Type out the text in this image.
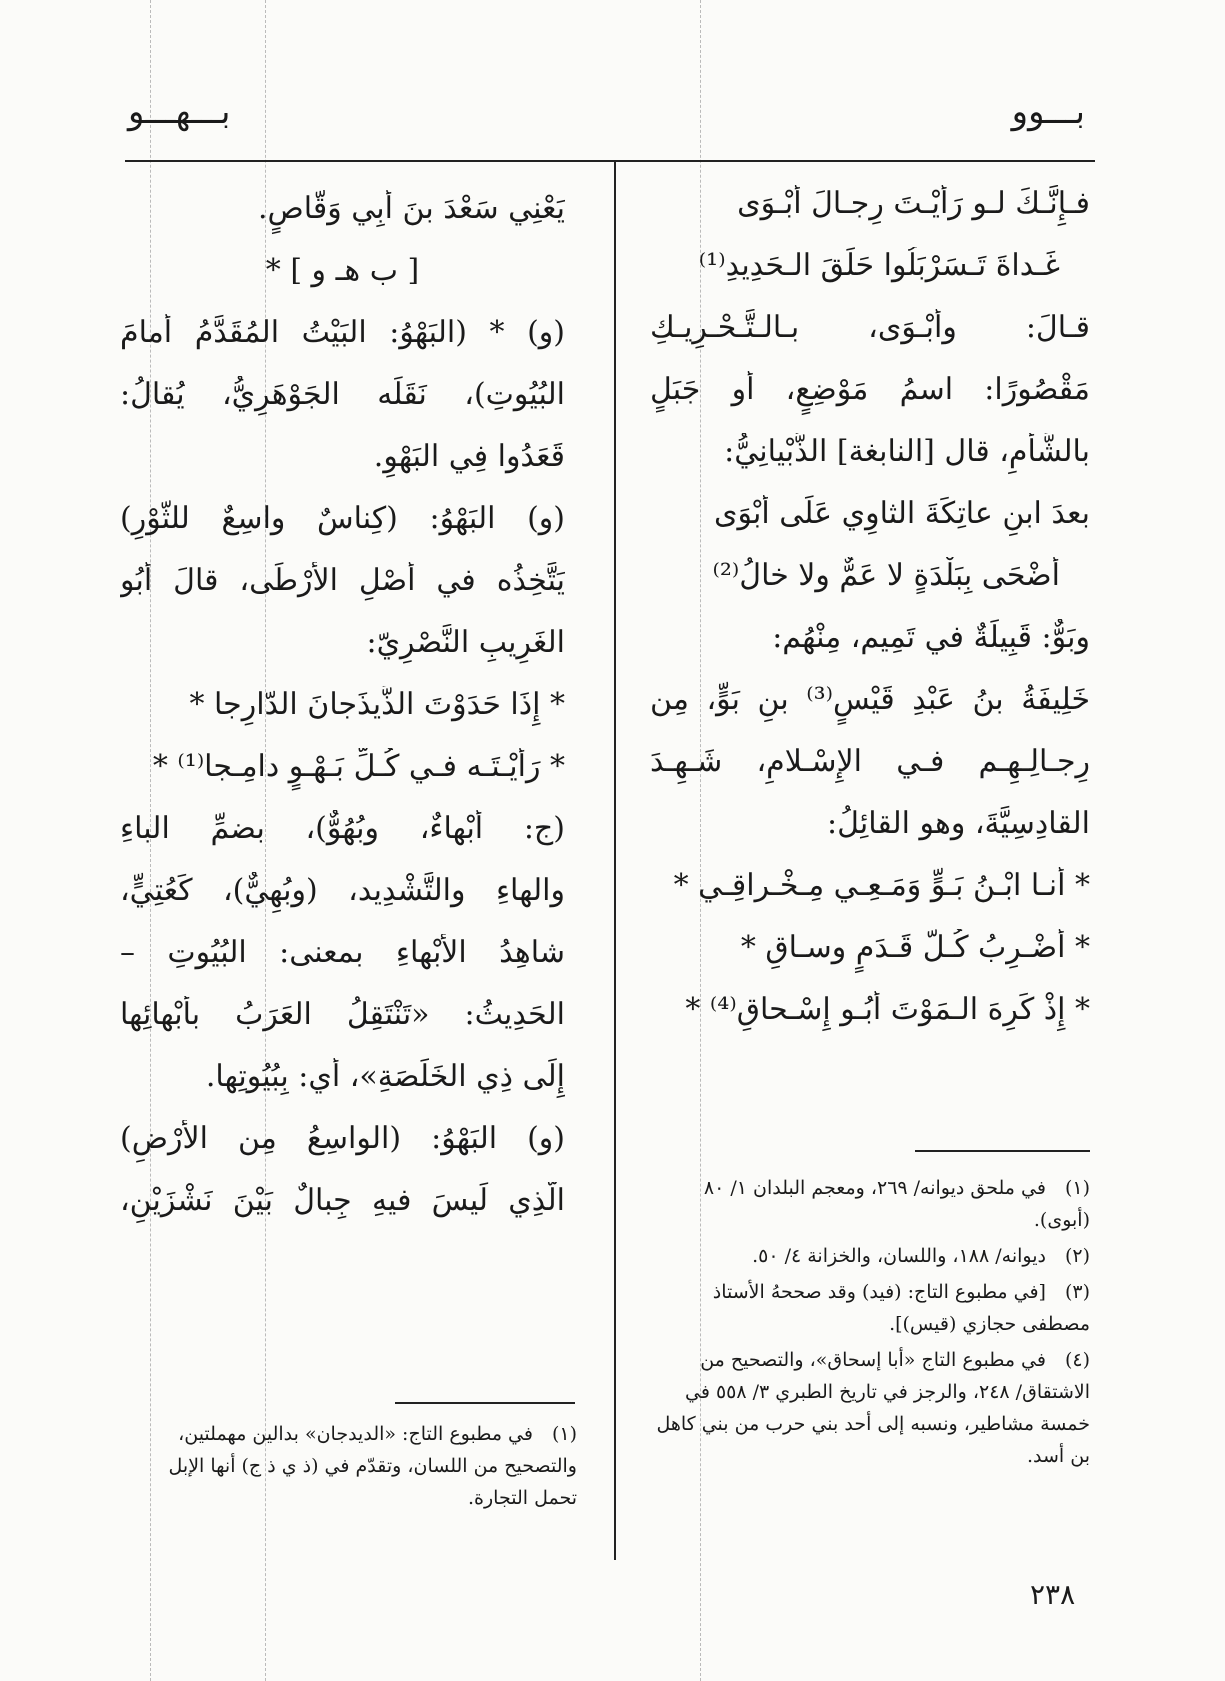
بـــوو
بـــهـــو
فـإِنَّـكَ لـو رَأَيْـتَ رِجـالَ أَبْـوَى
غَـداةَ تَـسَرْبَلُوا حَلَقَ الـحَدِيدِ⁽¹⁾
قـالَ: وأَبْـوَى، بـالـتَّـحْـرِيـكِ
مَقْصُورًا: اسمُ مَوْضِعٍ، أَو جَبَلٍ
بالشَّأمِ، قال [النابغة] الذُّبْيانِيُّ:
بعدَ ابنِ عاتِكَةَ الثاوِي عَلَى أَبْوَى
أَضْحَى بِبَلْدَةٍ لا عَمٌّ ولا خالُ⁽²⁾
وبَوٌّ: قَبِيلَةٌ في تَمِيم، مِنْهُم:
خَلِيفَةُ بنُ عَبْدِ قَيْسٍ⁽³⁾ بنِ بَوٍّ، مِن
رِجـالِـهِـم فـي الإِسْـلامِ، شَـهِـدَ
القادِسِيَّةَ، وهو القائِلُ:
* أَنـا ابْـنُ بَـوٍّ وَمَـعِـي مِـخْـراقِـي *
* أَضْـرِبُ كُـلَّ قَـدَمٍ وسـاقِ *
* إِذْ كَرِهَ الـمَوْتَ أَبُـو إِسْـحاقِ⁽⁴⁾ *
(١) في ملحق ديوانه/ ٢٦٩، ومعجم البلدان ١/ ٨٠ (أبوى).
(٢) ديوانه/ ١٨٨، واللسان، والخزانة ٤/ ٥٠.
(٣) [في مطبوع التاج: (فيد) وقد صححهُ الأستاذ مصطفى حجازي (قيس)].
(٤) في مطبوع التاج «أبا إسحاق»، والتصحيح من الاشتقاق/ ٢٤٨، والرجز في تاريخ الطبري ٣/ ٥٥٨ في خمسة مشاطير، ونسبه إلى أحد بني حرب من بني كاهل بن أسد.
يَعْنِي سَعْدَ بنَ أَبِي وَقّاصٍ.
[ ب هـ و ] *
(و) * (البَهْوُ: البَيْتُ المُقَدَّمُ أَمامَ
البُيُوتِ)، نَقَلَه الجَوْهَرِيُّ، يُقالُ:
قَعَدُوا فِي البَهْوِ.
(و) البَهْوُ: (كِناسٌ واسِعٌ للثَّوْرِ)
يَتَّخِذُه في أَصْلِ الأَرْطَى، قالَ أَبُو
الغَرِيبِ النَّصْرِيّ:
* إِذَا حَدَوْتَ الذَّيذَجانَ الدّارِجا *
* رَأَيْـتَـه فـي كُـلِّ بَـهْـوٍ دامِـجا⁽¹⁾ *
(ج: أَبْهاءٌ، وبُهُوٌّ)، بضمِّ الباءِ
والهاءِ والتَّشْدِيد، (وبُهِيٌّ)، كَعُتِيٍّ،
شاهِدُ الأَبْهاءِ بمعنى: البُيُوتِ –
الحَدِيثُ: «تَنْتَقِلُ العَرَبُ بأَبْهائِها
إِلَى ذِي الخَلَصَةِ»، أي: بِبُيُوتِها.
(و) البَهْوُ: (الواسِعُ مِن الأَرْضِ)
الَّذِي لَيسَ فيهِ جِبالٌ بَيْنَ نَشْزَيْنِ،
(١) في مطبوع التاج: «الديدجان» بدالين مهملتين، والتصحيح من اللسان، وتقدّم في (ذ ي ذ ج) أنها الإبل تحمل التجارة.
٢٣٨
